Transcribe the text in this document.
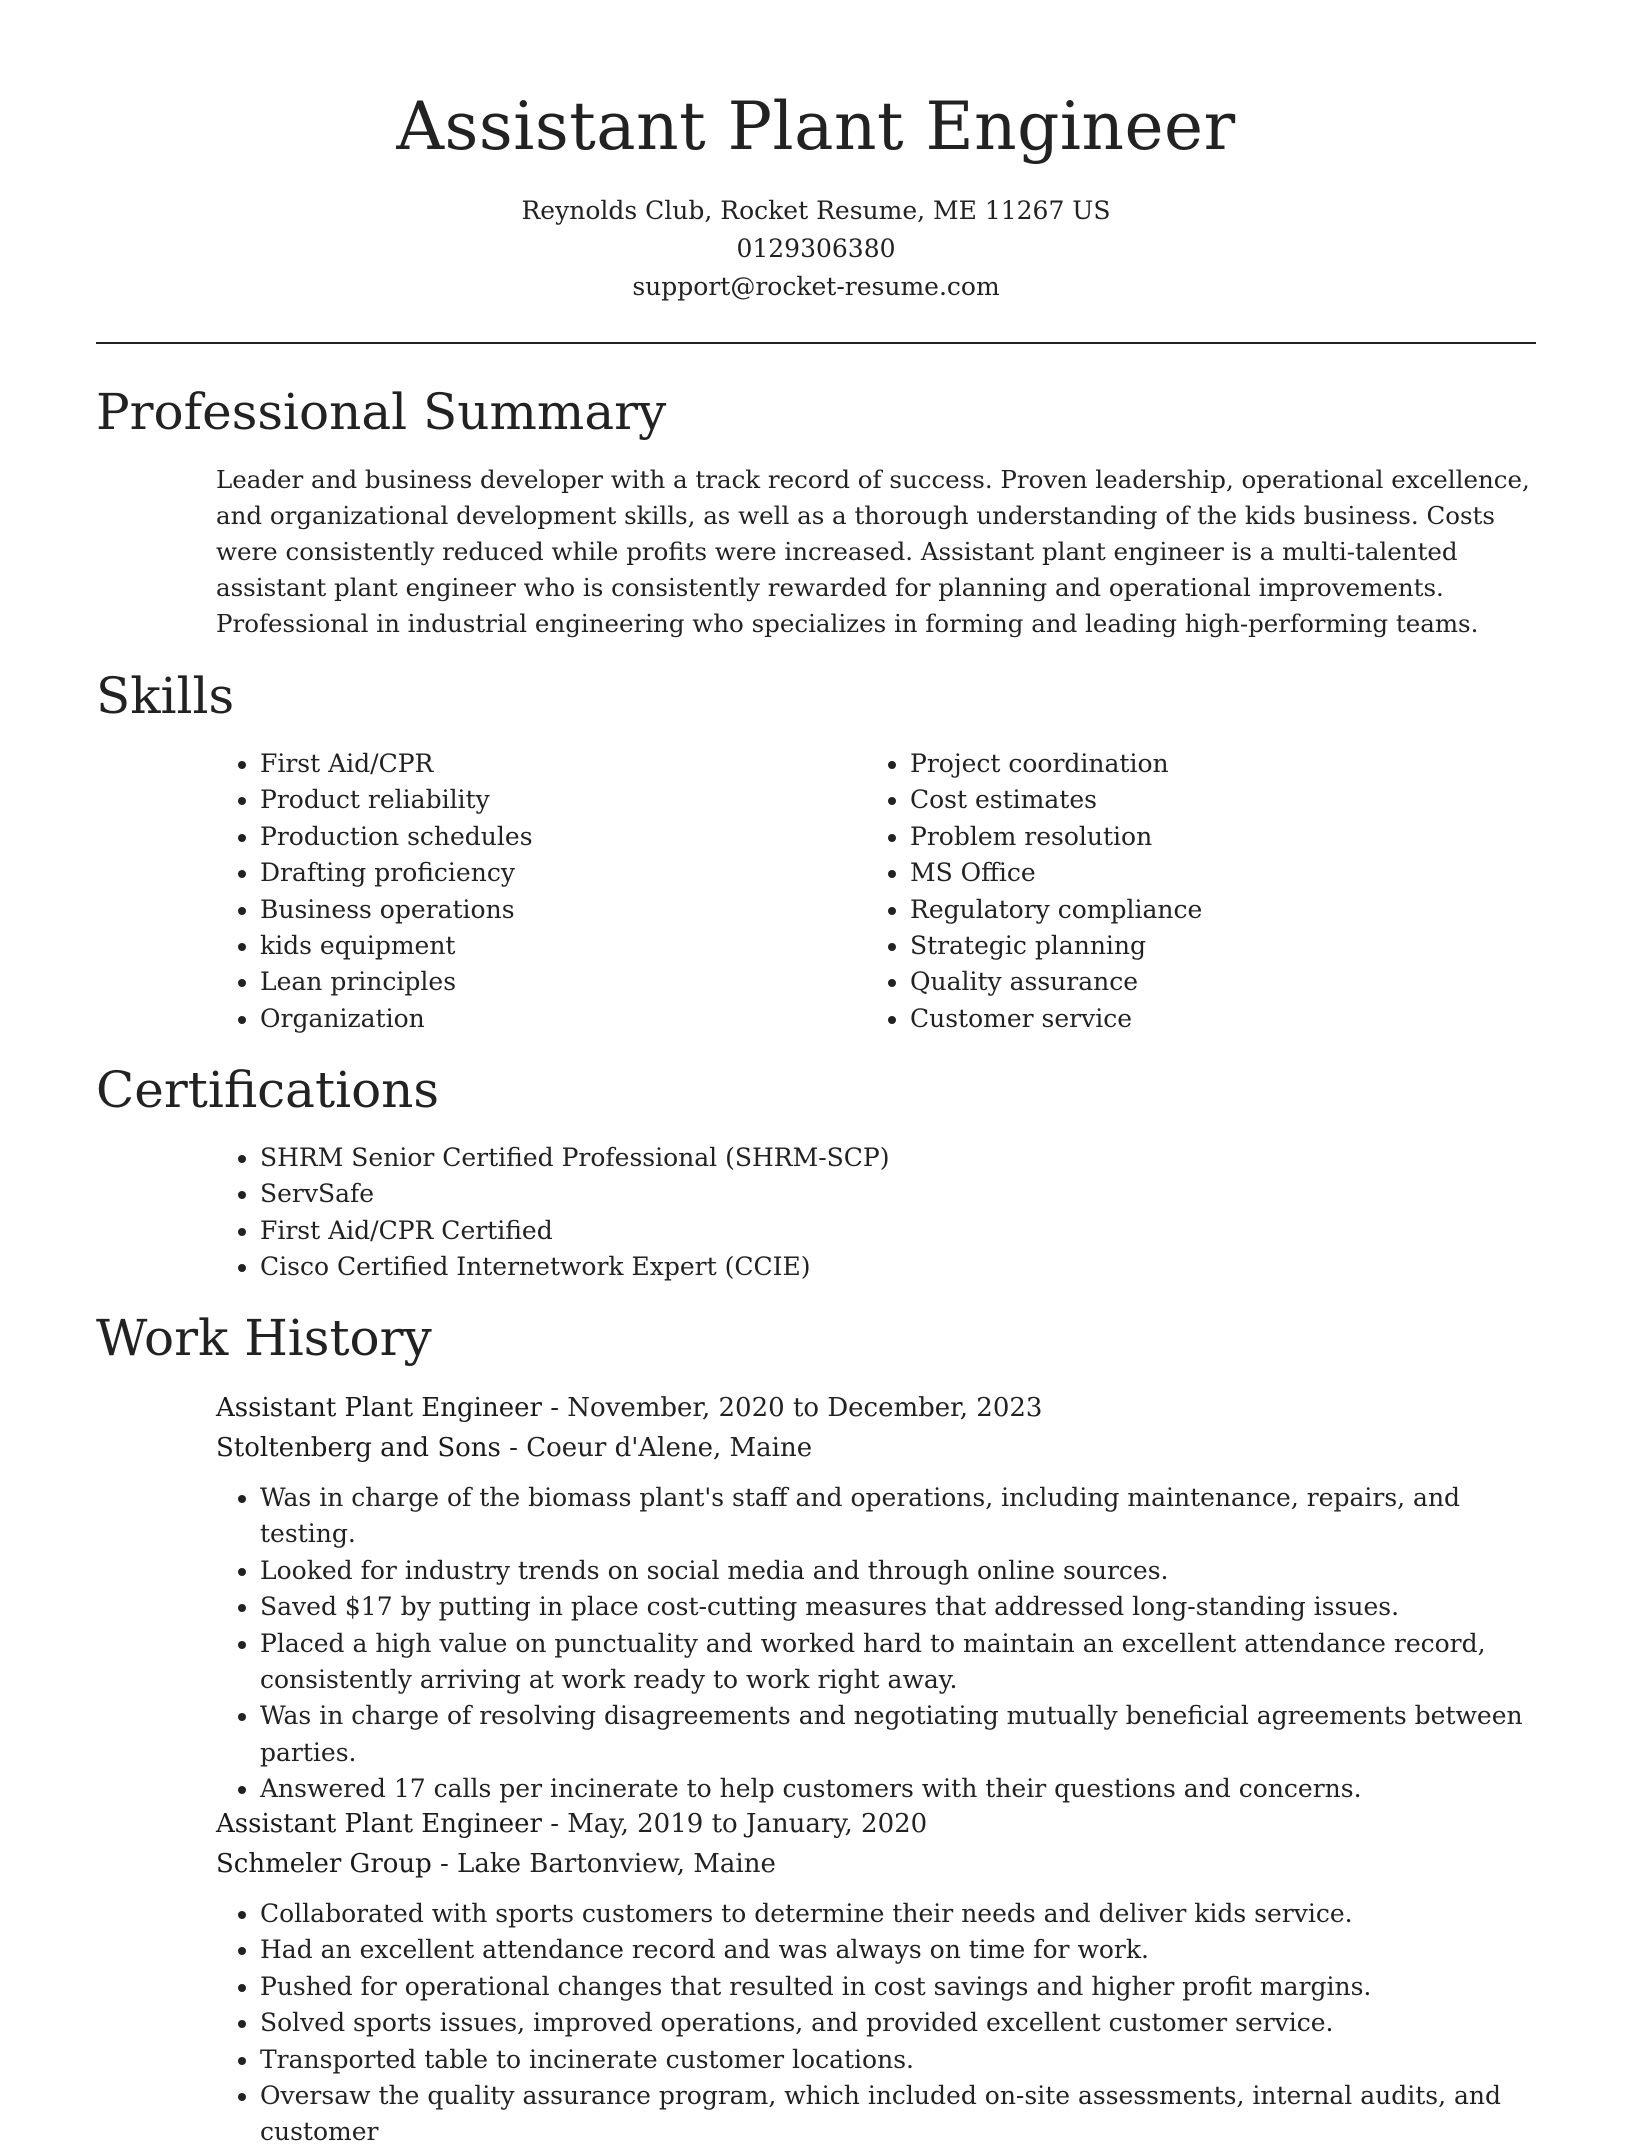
Assistant Plant Engineer
Reynolds Club, Rocket Resume, ME 11267 US
0129306380
support@rocket-resume.com
Professional Summary

Leader and business developer with a track record of success. Proven leadership, operational excellence, and organizational development skills, as well as a thorough understanding of the kids business. Costs were consistently reduced while profits were increased. Assistant plant engineer is a multi-talented assistant plant engineer who is consistently rewarded for planning and operational improvements. Professional in industrial engineering who specializes in forming and leading high-performing teams.

Skills
• First Aid/CPR
• Product reliability
• Production schedules
• Drafting proficiency
• Business operations
• kids equipment
• Lean principles
• Organization
• Project coordination
• Cost estimates
• Problem resolution
• MS Office
• Regulatory compliance
• Strategic planning
• Quality assurance
• Customer service
Certifications
• SHRM Senior Certified Professional (SHRM-SCP)
• ServSafe
• First Aid/CPR Certified
• Cisco Certified Internetwork Expert (CCIE)
Work History

Assistant Plant Engineer - November, 2020 to December, 2023

Stoltenberg and Sons - Coeur d'Alene, Maine

• Was in charge of the biomass plant's staff and operations, including maintenance, repairs, and testing.
• Looked for industry trends on social media and through online sources.
• Saved $17 by putting in place cost-cutting measures that addressed long-standing issues.
• Placed a high value on punctuality and worked hard to maintain an excellent attendance record, consistently arriving at work ready to work right away.
• Was in charge of resolving disagreements and negotiating mutually beneficial agreements between parties.
• Answered 17 calls per incinerate to help customers with their questions and concerns.

Assistant Plant Engineer - May, 2019 to January, 2020

Schmeler Group - Lake Bartonview, Maine

• Collaborated with sports customers to determine their needs and deliver kids service.
• Had an excellent attendance record and was always on time for work.
• Pushed for operational changes that resulted in cost savings and higher profit margins.
• Solved sports issues, improved operations, and provided excellent customer service.
• Transported table to incinerate customer locations.
• Oversaw the quality assurance program, which included on-site assessments, internal audits, and customer
